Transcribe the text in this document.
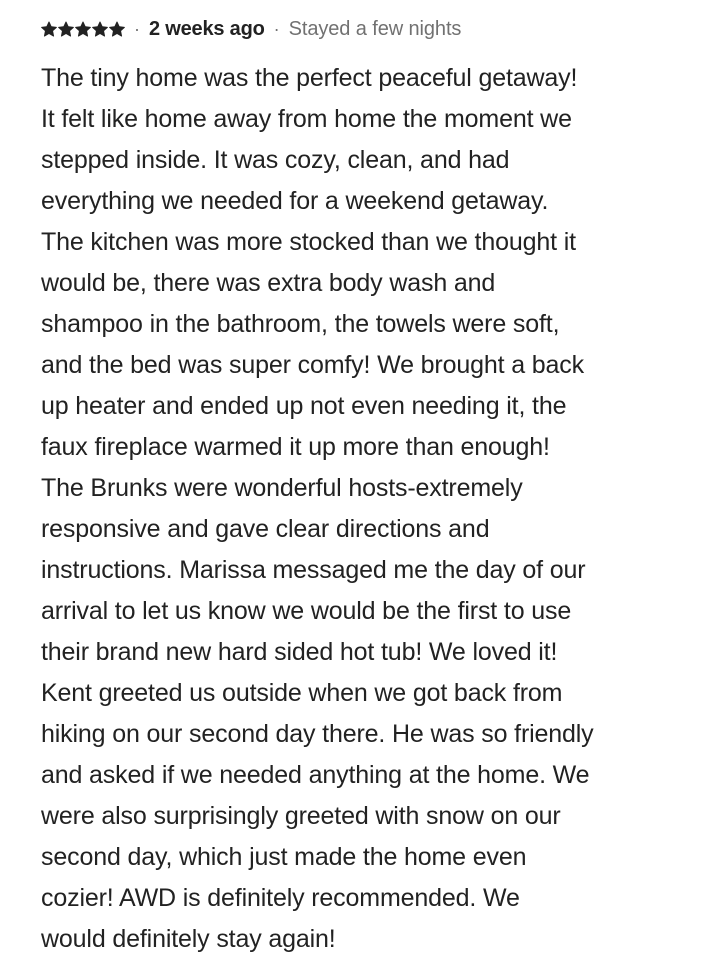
· 2 weeks ago · Stayed a few nights
The tiny home was the perfect peaceful getaway!
It felt like home away from home the moment we
stepped inside. It was cozy, clean, and had
everything we needed for a weekend getaway.
The kitchen was more stocked than we thought it
would be, there was extra body wash and
shampoo in the bathroom, the towels were soft,
and the bed was super comfy! We brought a back
up heater and ended up not even needing it, the
faux fireplace warmed it up more than enough!
The Brunks were wonderful hosts-extremely
responsive and gave clear directions and
instructions. Marissa messaged me the day of our
arrival to let us know we would be the first to use
their brand new hard sided hot tub! We loved it!
Kent greeted us outside when we got back from
hiking on our second day there. He was so friendly
and asked if we needed anything at the home. We
were also surprisingly greeted with snow on our
second day, which just made the home even
cozier! AWD is definitely recommended. We
would definitely stay again!
